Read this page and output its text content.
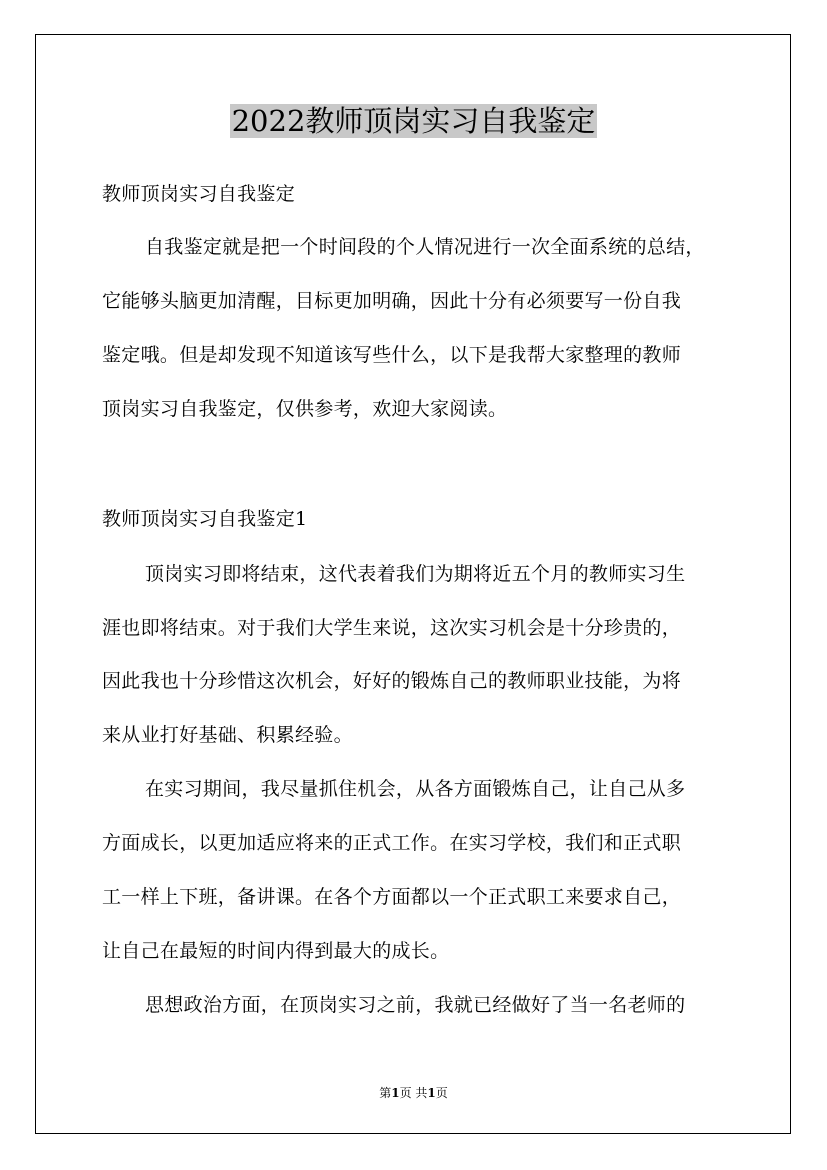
2022教师顶岗实习自我鉴定

教师顶岗实习自我鉴定

自我鉴定就是把一个时间段的个人情况进行一次全面系统的总结，

它能够头脑更加清醒，目标更加明确，因此十分有必须要写一份自我

鉴定哦。但是却发现不知道该写些什么，以下是我帮大家整理的教师

顶岗实习自我鉴定，仅供参考，欢迎大家阅读。

教师顶岗实习自我鉴定1

顶岗实习即将结束，这代表着我们为期将近五个月的教师实习生

涯也即将结束。对于我们大学生来说，这次实习机会是十分珍贵的，

因此我也十分珍惜这次机会，好好的锻炼自己的教师职业技能，为将

来从业打好基础、积累经验。

在实习期间，我尽量抓住机会，从各方面锻炼自己，让自己从多

方面成长，以更加适应将来的正式工作。在实习学校，我们和正式职

工一样上下班，备讲课。在各个方面都以一个正式职工来要求自己，

让自己在最短的时间内得到最大的成长。

思想政治方面，在顶岗实习之前，我就已经做好了当一名老师的

第1页 共1页
